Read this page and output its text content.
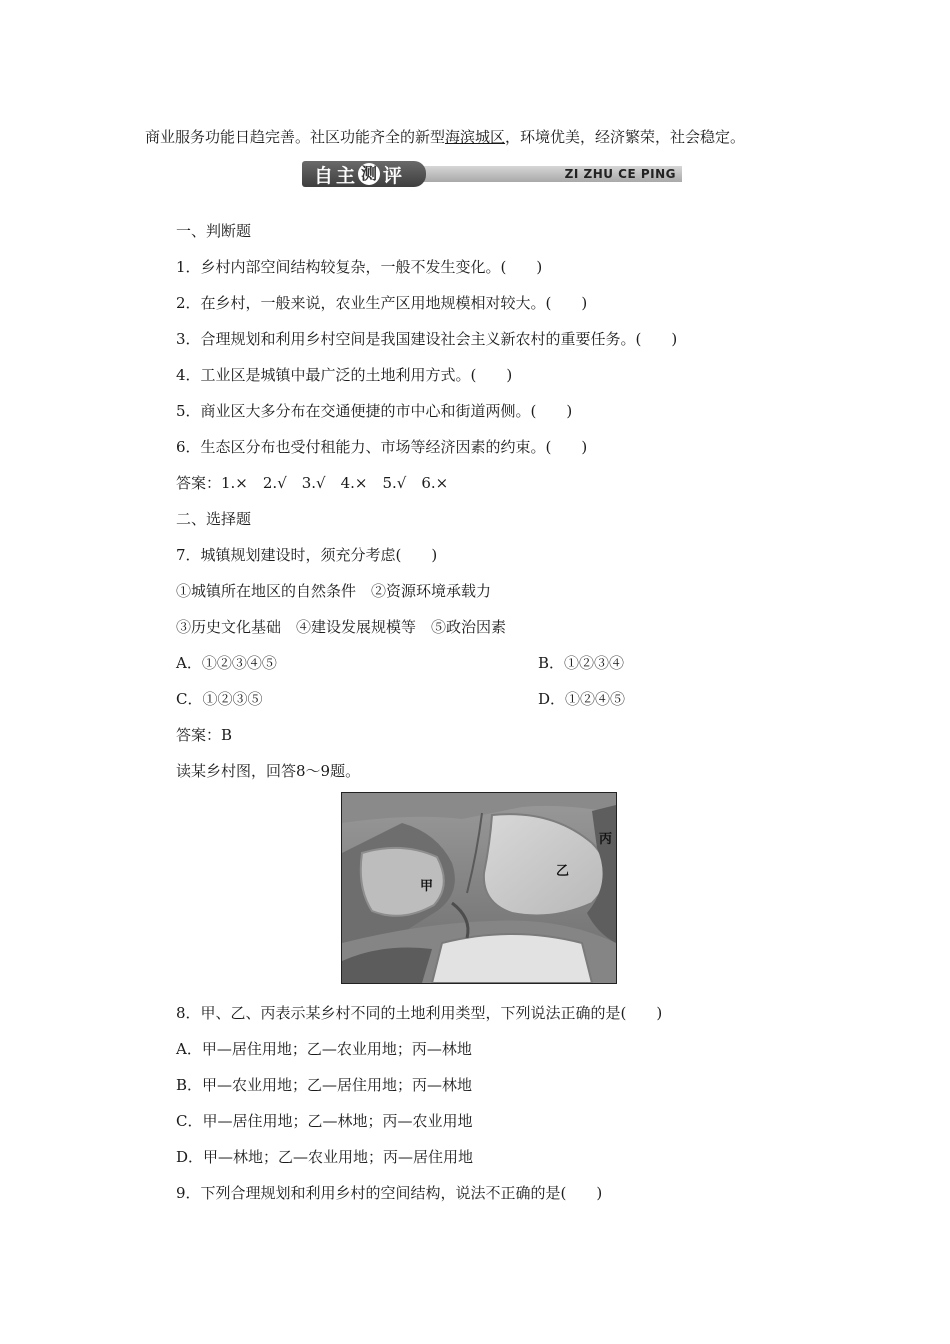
商业服务功能日趋完善。社区功能齐全的新型海滨城区，环境优美，经济繁荣，社会稳定。
自 主 测 评	ZI ZHU CE PING
一、判断题
1．乡村内部空间结构较复杂，一般不发生变化。(　　)
2．在乡村，一般来说，农业生产区用地规模相对较大。(　　)
3．合理规划和利用乡村空间是我国建设社会主义新农村的重要任务。(　　)
4．工业区是城镇中最广泛的土地利用方式。(　　)
5．商业区大多分布在交通便捷的市中心和街道两侧。(　　)
6．生态区分布也受付租能力、市场等经济因素的约束。(　　)
答案：1.×　2.√　3.√　4.×　5.√　6.×
二、选择题
7．城镇规划建设时，须充分考虑(　　)
①城镇所在地区的自然条件　②资源环境承载力
③历史文化基础　④建设发展规模等　⑤政治因素
A．①②③④⑤	B．①②③④
C．①②③⑤	D．①②④⑤
答案：B
读某乡村图，回答8～9题。
甲
乙
丙
8．甲、乙、丙表示某乡村不同的土地利用类型，下列说法正确的是(　　)
A．甲—居住用地；乙—农业用地；丙—林地
B．甲—农业用地；乙—居住用地；丙—林地
C．甲—居住用地；乙—林地；丙—农业用地
D．甲—林地；乙—农业用地；丙—居住用地
9．下列合理规划和利用乡村的空间结构，说法不正确的是(　　)
